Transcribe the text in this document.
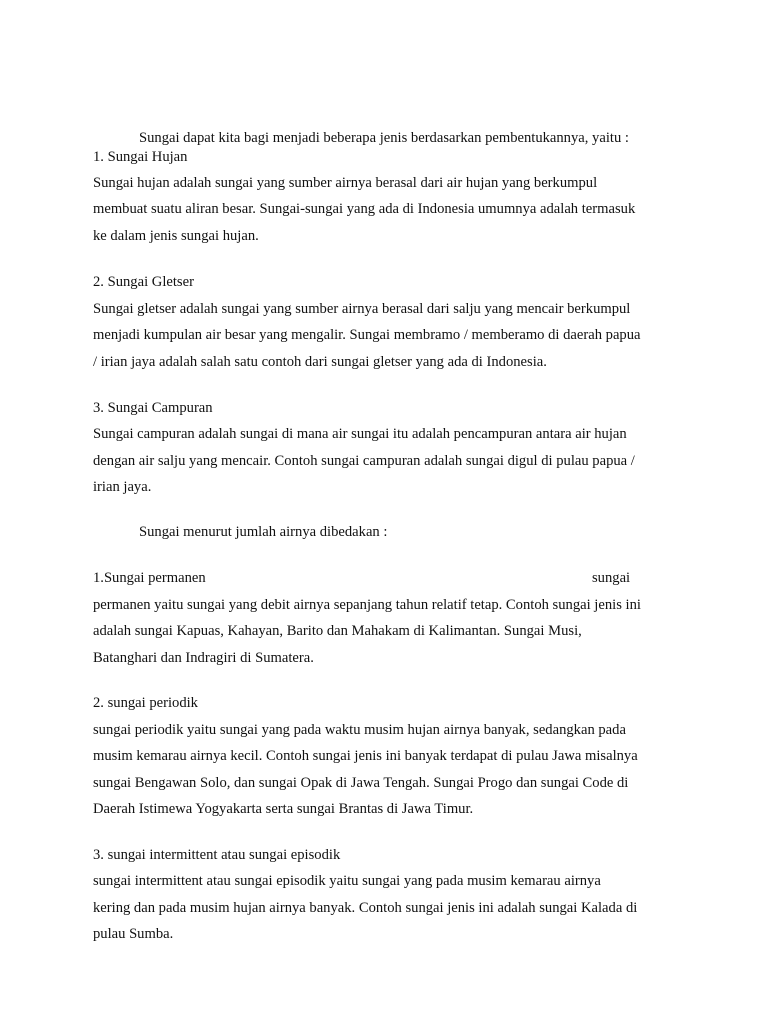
Sungai dapat kita bagi menjadi beberapa jenis berdasarkan pembentukannya, yaitu :
1. Sungai Hujan
Sungai hujan adalah sungai yang sumber airnya berasal dari air hujan yang berkumpul
membuat suatu aliran besar. Sungai-sungai yang ada di Indonesia umumnya adalah termasuk
ke dalam jenis sungai hujan.
2. Sungai Gletser
Sungai gletser adalah sungai yang sumber airnya berasal dari salju yang mencair berkumpul
menjadi kumpulan air besar yang mengalir. Sungai membramo / memberamo di daerah papua
/ irian jaya adalah salah satu contoh dari sungai gletser yang ada di Indonesia.
3. Sungai Campuran
Sungai campuran adalah sungai di mana air sungai itu adalah pencampuran antara air hujan
dengan air salju yang mencair. Contoh sungai campuran adalah sungai digul di pulau papua /
irian jaya.
Sungai menurut jumlah airnya dibedakan :
1.Sungai permanen	sungai
permanen yaitu sungai yang debit airnya sepanjang tahun relatif tetap. Contoh sungai jenis ini
adalah sungai Kapuas, Kahayan, Barito dan Mahakam di Kalimantan. Sungai Musi,
Batanghari dan Indragiri di Sumatera.
2. sungai periodik
sungai periodik yaitu sungai yang pada waktu musim hujan airnya banyak, sedangkan pada
musim kemarau airnya kecil. Contoh sungai jenis ini banyak terdapat di pulau Jawa misalnya
sungai Bengawan Solo, dan sungai Opak di Jawa Tengah. Sungai Progo dan sungai Code di
Daerah Istimewa Yogyakarta serta sungai Brantas di Jawa Timur.
3. sungai intermittent atau sungai episodik
sungai intermittent atau sungai episodik yaitu sungai yang pada musim kemarau airnya
kering dan pada musim hujan airnya banyak. Contoh sungai jenis ini adalah sungai Kalada di
pulau Sumba.
